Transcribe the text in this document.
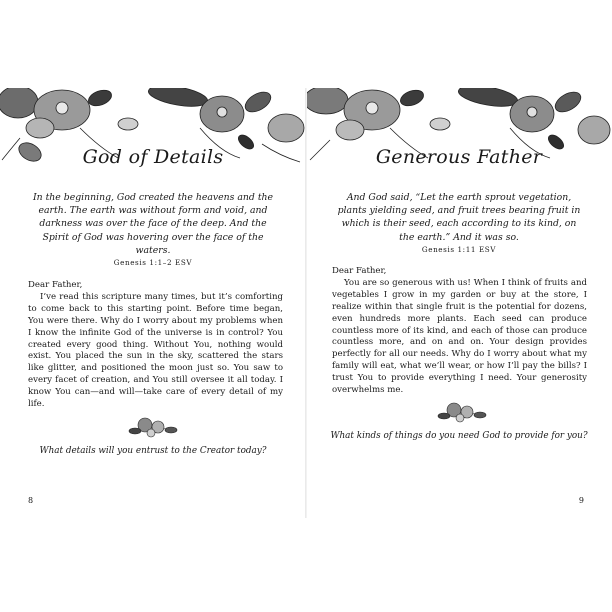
God of Details
In the beginning, God created the heavens and the earth. The earth was without form and void, and darkness was over the face of the deep. And the Spirit of God was hovering over the face of the waters.
Genesis 1:1–2 ESV

Dear Father,

I’ve read this scripture many times, but it’s comforting to come back to this starting point. Before time began, You were there. Why do I worry about my problems when I know the infinite God of the universe is in control? You created every good thing. Without You, nothing would exist. You placed the sun in the sky, scattered the stars like glitter, and positioned the moon just so. You saw to every facet of creation, and You still oversee it all today. I know You can—and will—take care of every detail of my life.

What details will you entrust to the Creator today?
8
Generous Father
And God said, “Let the earth sprout vegetation, plants yielding seed, and fruit trees bearing fruit in which is their seed, each according to its kind, on the earth.” And it was so.
Genesis 1:11 ESV

Dear Father,

You are so generous with us! When I think of fruits and vegetables I grow in my garden or buy at the store, I realize within that single fruit is the potential for dozens, even hundreds more plants. Each seed can produce countless more of its kind, and each of those can produce countless more, and on and on. Your design provides perfectly for all our needs. Why do I worry about what my family will eat, what we’ll wear, or how I’ll pay the bills? I trust You to provide everything I need. Your generosity overwhelms me.

What kinds of things do you need God to provide for you?
9
